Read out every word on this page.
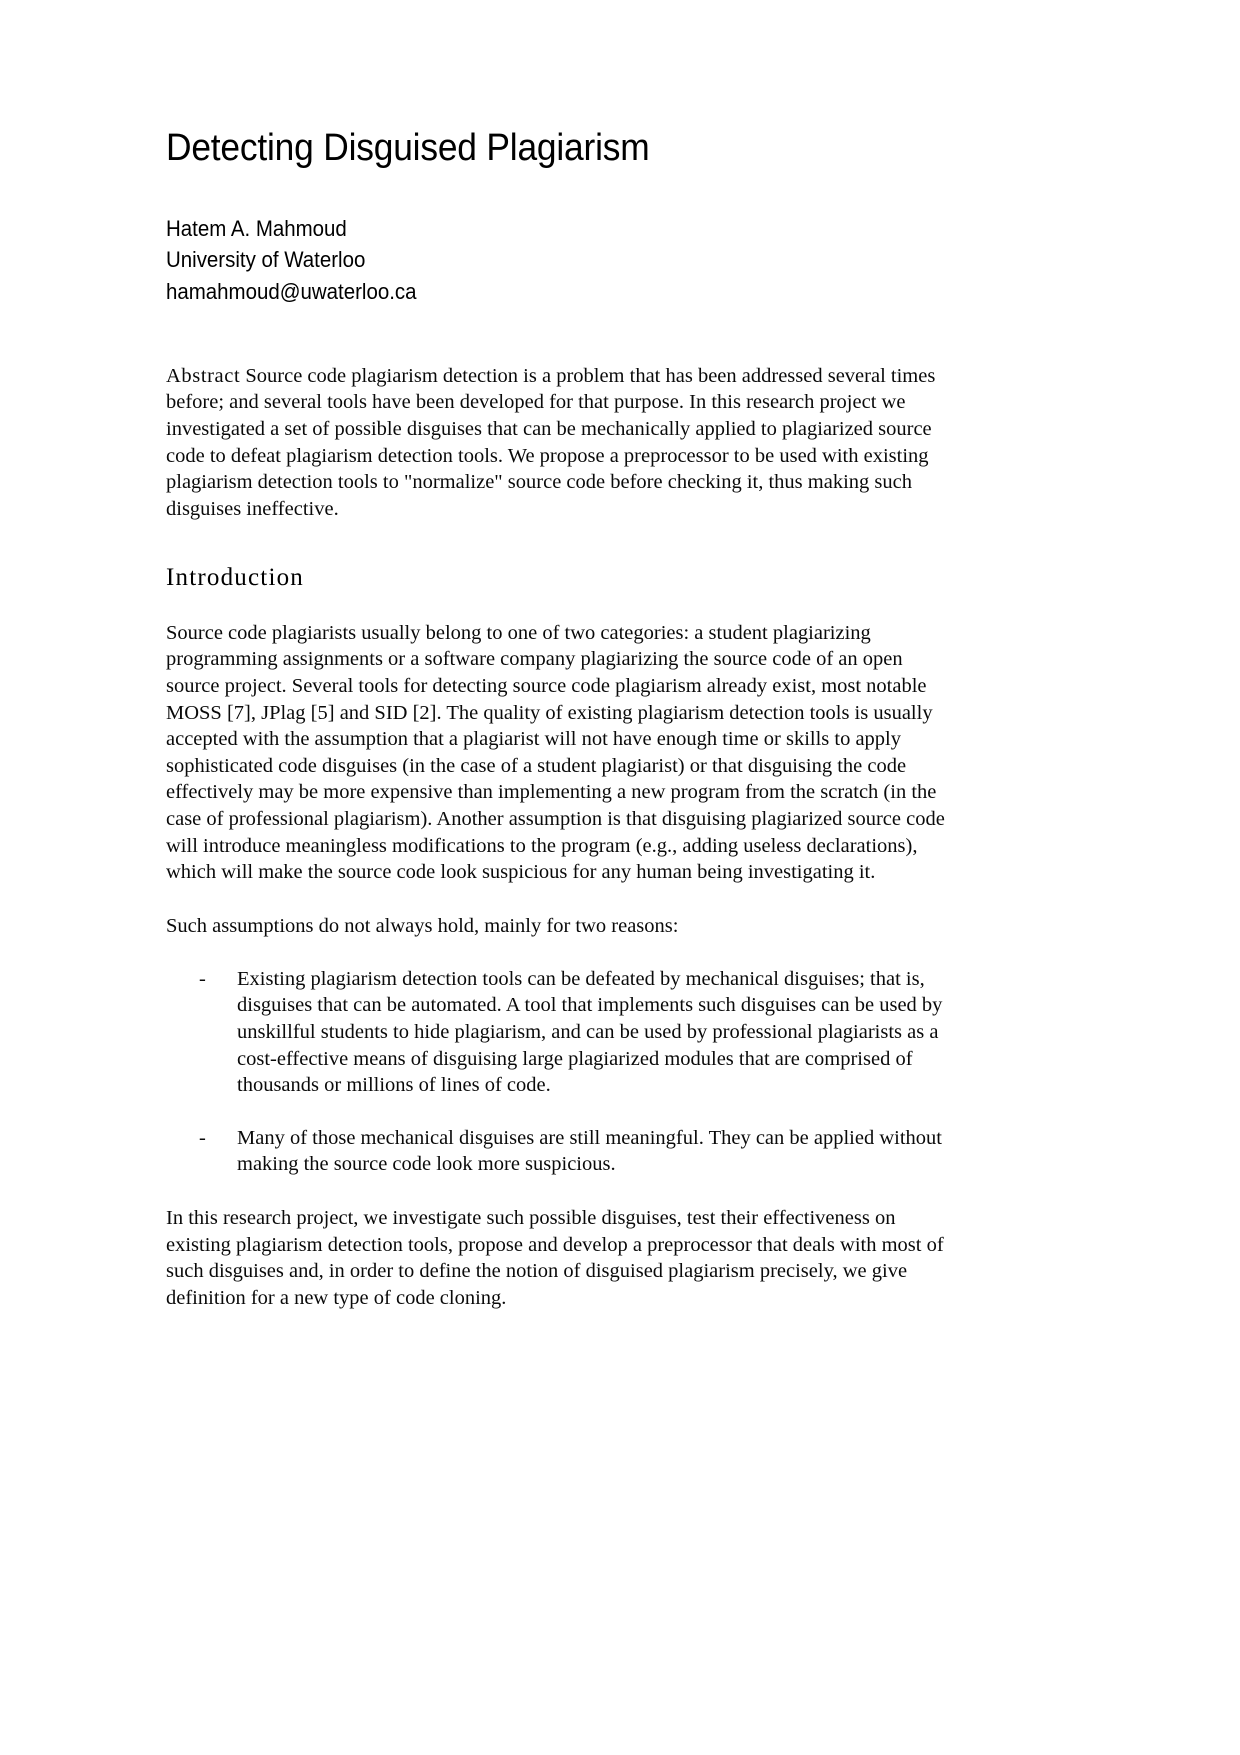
Detecting Disguised Plagiarism
Hatem A. Mahmoud
University of Waterloo
hamahmoud@uwaterloo.ca

Abstract Source code plagiarism detection is a problem that has been addressed several times before; and several tools have been developed for that purpose. In this research project we investigated a set of possible disguises that can be mechanically applied to plagiarized source code to defeat plagiarism detection tools. We propose a preprocessor to be used with existing plagiarism detection tools to "normalize" source code before checking it, thus making such disguises ineffective.

Introduction

Source code plagiarists usually belong to one of two categories: a student plagiarizing programming assignments or a software company plagiarizing the source code of an open source project. Several tools for detecting source code plagiarism already exist, most notable MOSS [7], JPlag [5] and SID [2]. The quality of existing plagiarism detection tools is usually accepted with the assumption that a plagiarist will not have enough time or skills to apply sophisticated code disguises (in the case of a student plagiarist) or that disguising the code effectively may be more expensive than implementing a new program from the scratch (in the case of professional plagiarism). Another assumption is that disguising plagiarized source code will introduce meaningless modifications to the program (e.g., adding useless declarations), which will make the source code look suspicious for any human being investigating it.

Such assumptions do not always hold, mainly for two reasons:

- Existing plagiarism detection tools can be defeated by mechanical disguises; that is, disguises that can be automated. A tool that implements such disguises can be used by unskillful students to hide plagiarism, and can be used by professional plagiarists as a cost-effective means of disguising large plagiarized modules that are comprised of thousands or millions of lines of code.
- Many of those mechanical disguises are still meaningful. They can be applied without making the source code look more suspicious.

In this research project, we investigate such possible disguises, test their effectiveness on existing plagiarism detection tools, propose and develop a preprocessor that deals with most of such disguises and, in order to define the notion of disguised plagiarism precisely, we give definition for a new type of code cloning.
